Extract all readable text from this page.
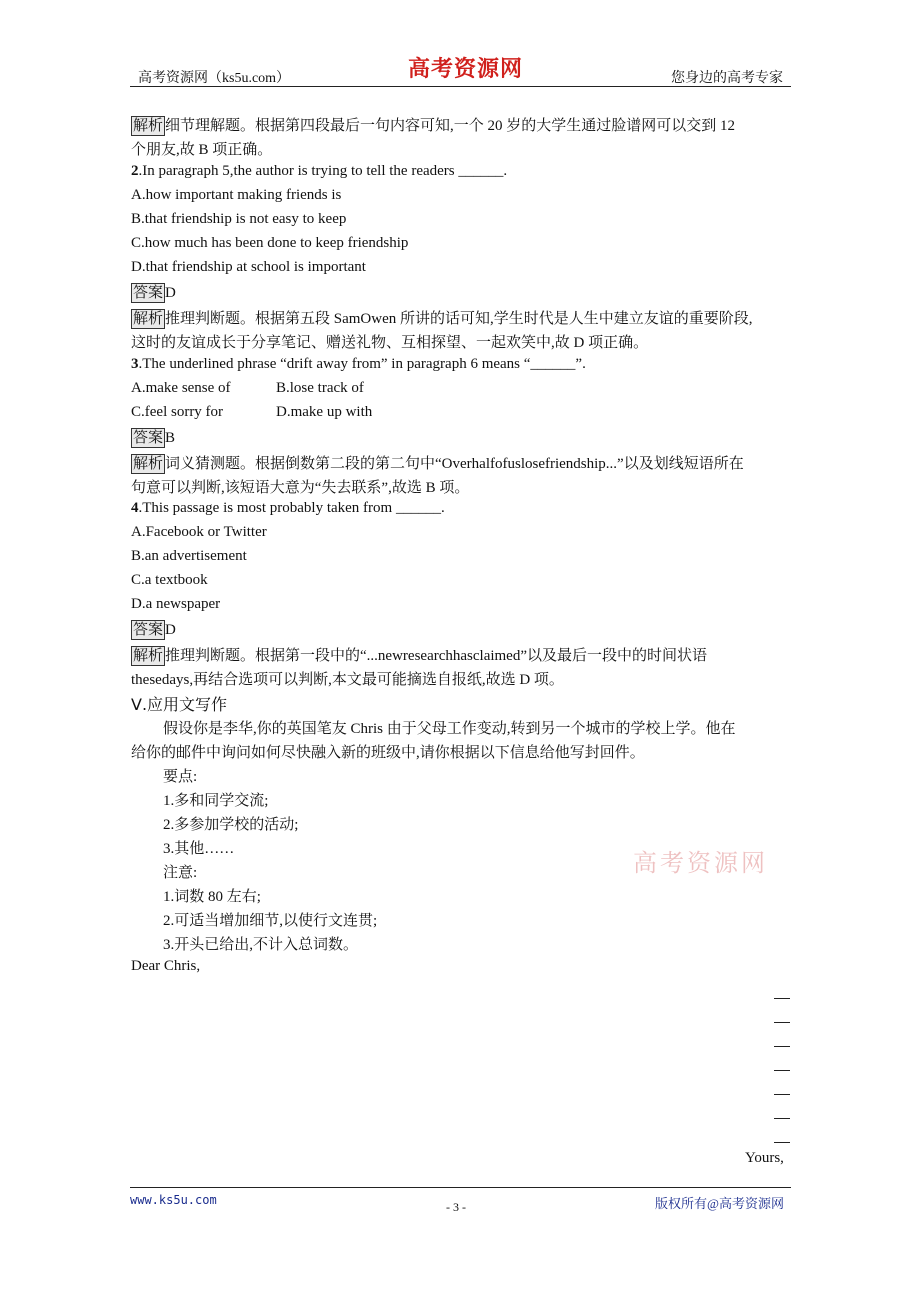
高考资源网（ks5u.com）	高考资源网	您身边的高考专家
解析 细节理解题。根据第四段最后一句内容可知,一个 20 岁的大学生通过脸谱网可以交到 12
个朋友,故 B 项正确。
2.In paragraph 5,the author is trying to tell the readers ______.
A.how important making friends is
B.that friendship is not easy to keep
C.how much has been done to keep friendship
D.that friendship at school is important
答案 D
解析 推理判断题。根据第五段 SamOwen 所讲的话可知,学生时代是人生中建立友谊的重要阶段,
这时的友谊成长于分享笔记、赠送礼物、互相探望、一起欢笑中,故 D 项正确。
3.The underlined phrase “drift away from” in paragraph 6 means “______”.
A.make sense of	B.lose track of
C.feel sorry for	D.make up with
答案 B
解析 词义猜测题。根据倒数第二段的第二句中“Overhalfofuslosefriendship...”以及划线短语所在
句意可以判断,该短语大意为“失去联系”,故选 B 项。
4.This passage is most probably taken from ______.
A.Facebook or Twitter
B.an advertisement
C.a textbook
D.a newspaper
答案 D
解析 推理判断题。根据第一段中的“...newresearchhasclaimed”以及最后一段中的时间状语
thesedays,再结合选项可以判断,本文最可能摘选自报纸,故选 D 项。
Ⅴ.应用文写作
假设你是李华,你的英国笔友 Chris 由于父母工作变动,转到另一个城市的学校上学。他在
给你的邮件中询问如何尽快融入新的班级中,请你根据以下信息给他写封回件。
要点:
1.多和同学交流;
2.多参加学校的活动;
3.其他……
注意:
1.词数 80 左右;
2.可适当增加细节,以使行文连贯;
3.开头已给出,不计入总词数。
Dear Chris,
Yours,
高考资源网
www.ks5u.com	- 3 -	版权所有@高考资源网
